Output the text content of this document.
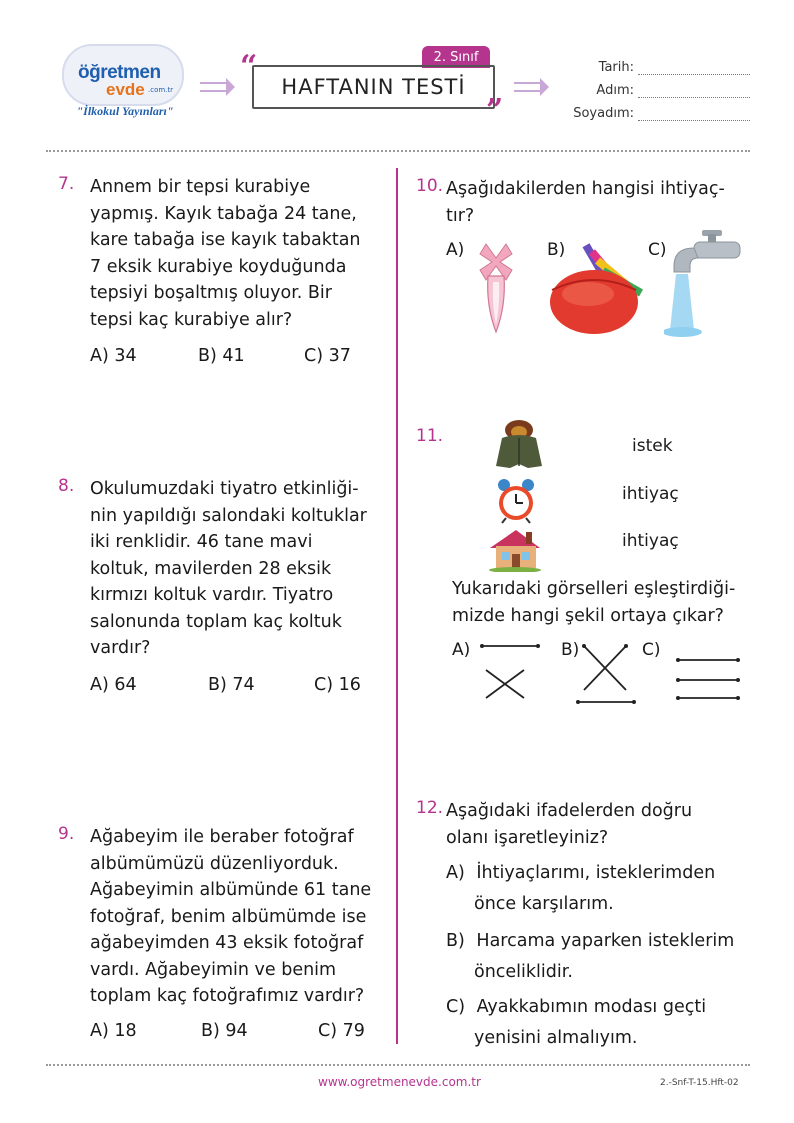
öğretmen
evde .com.tr
"İlkokul Yayınları"
2. Sınıf
HAFTANIN TESTİ
“
”
Tarih:
Adım:
Soyadım:
7. Annem bir tepsi kurabiye
yapmış. Kayık tabağa 24 tane,
kare tabağa ise kayık tabaktan
7 eksik kurabiye koyduğunda
tepsiyi boşaltmış oluyor. Bir
tepsi kaç kurabiye alır?
A) 34	B) 41	C) 37
8. Okulumuzdaki tiyatro etkinliği-
nin yapıldığı salondaki koltuklar
iki renklidir. 46 tane mavi
koltuk, mavilerden 28 eksik
kırmızı koltuk vardır. Tiyatro
salonunda toplam kaç koltuk
vardır?
A) 64	B) 74	C) 16
9. Ağabeyim ile beraber fotoğraf
albümümüzü düzenliyorduk.
Ağabeyimin albümünde 61 tane
fotoğraf, benim albümümde ise
ağabeyimden 43 eksik fotoğraf
vardı. Ağabeyimin ve benim
toplam kaç fotoğrafımız vardır?
A) 18	B) 94	C) 79
10. Aşağıdakilerden hangisi ihtiyaç-
tır?
A)	B)	C)
11.	istek
ihtiyaç
ihtiyaç
Yukarıdaki görselleri eşleştirdiği-
mizde hangi şekil ortaya çıkar?
A)	B)	C)
12. Aşağıdaki ifadelerden doğru
olanı işaretleyiniz?
A) İhtiyaçlarımı, isteklerimden
önce karşılarım.
B) Harcama yaparken isteklerim
önceliklidir.
C) Ayakkabımın modası geçti
yenisini almalıyım.
www.ogretmenevde.com.tr	2.-Snf-T-15.Hft-02
